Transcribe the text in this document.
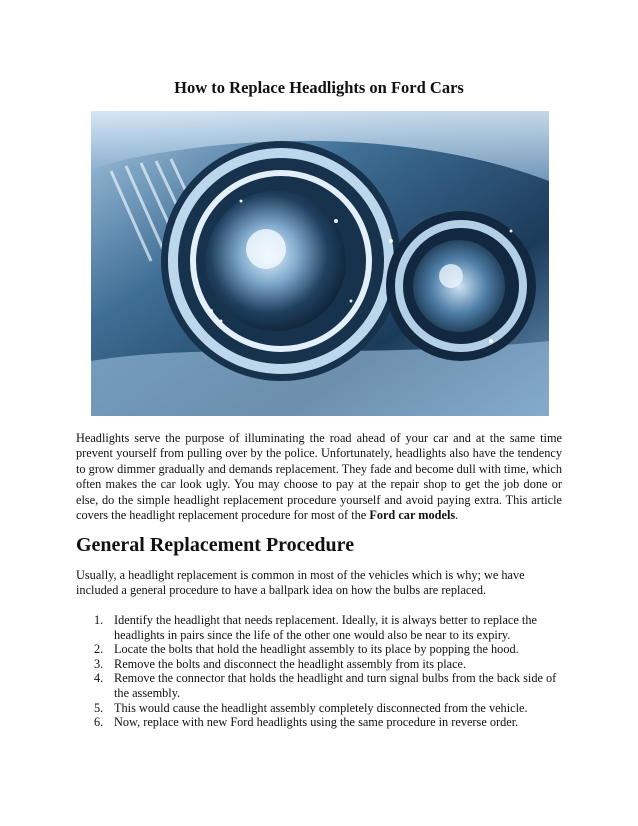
How to Replace Headlights on Ford Cars

Headlights serve the purpose of illuminating the road ahead of your car and at the same time prevent yourself from pulling over by the police. Unfortunately, headlights also have the tendency to grow dimmer gradually and demands replacement. They fade and become dull with time, which often makes the car look ugly. You may choose to pay at the repair shop to get the job done or else, do the simple headlight replacement procedure yourself and avoid paying extra. This article covers the headlight replacement procedure for most of the Ford car models.

General Replacement Procedure

Usually, a headlight replacement is common in most of the vehicles which is why; we have included a general procedure to have a ballpark idea on how the bulbs are replaced.

1. Identify the headlight that needs replacement. Ideally, it is always better to replace the headlights in pairs since the life of the other one would also be near to its expiry.
2. Locate the bolts that hold the headlight assembly to its place by popping the hood.
3. Remove the bolts and disconnect the headlight assembly from its place.
4. Remove the connector that holds the headlight and turn signal bulbs from the back side of the assembly.
5. This would cause the headlight assembly completely disconnected from the vehicle.
6. Now, replace with new Ford headlights using the same procedure in reverse order.
